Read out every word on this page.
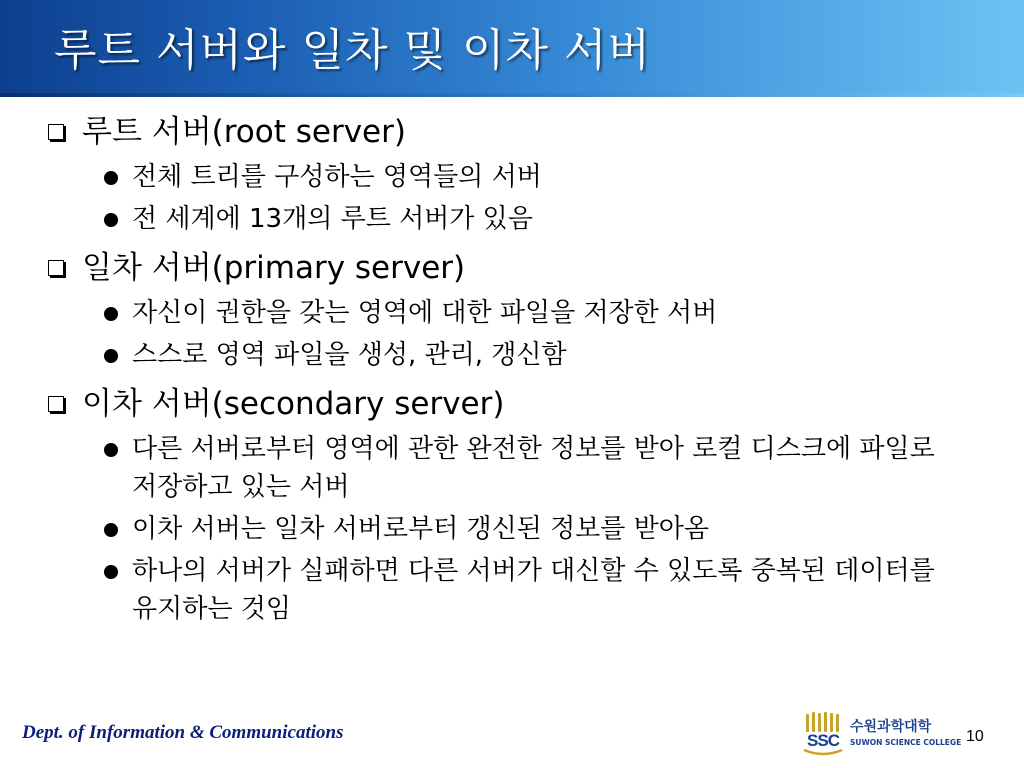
루트 서버와 일차 및 이차 서버
루트 서버(root server)
전체 트리를 구성하는 영역들의 서버
전 세계에 13개의 루트 서버가 있음
일차 서버(primary server)
자신이 권한을 갖는 영역에 대한 파일을 저장한 서버
스스로 영역 파일을 생성, 관리, 갱신함
이차 서버(secondary server)
다른 서버로부터 영역에 관한 완전한 정보를 받아 로컬 디스크에 파일로 저장하고 있는 서버
이차 서버는 일차 서버로부터 갱신된 정보를 받아옴
하나의 서버가 실패하면 다른 서버가 대신할 수 있도록 중복된 데이터를 유지하는 것임
Dept. of Information & Communications	SSC
수원과학대학
SUWON SCIENCE COLLEGE 10
